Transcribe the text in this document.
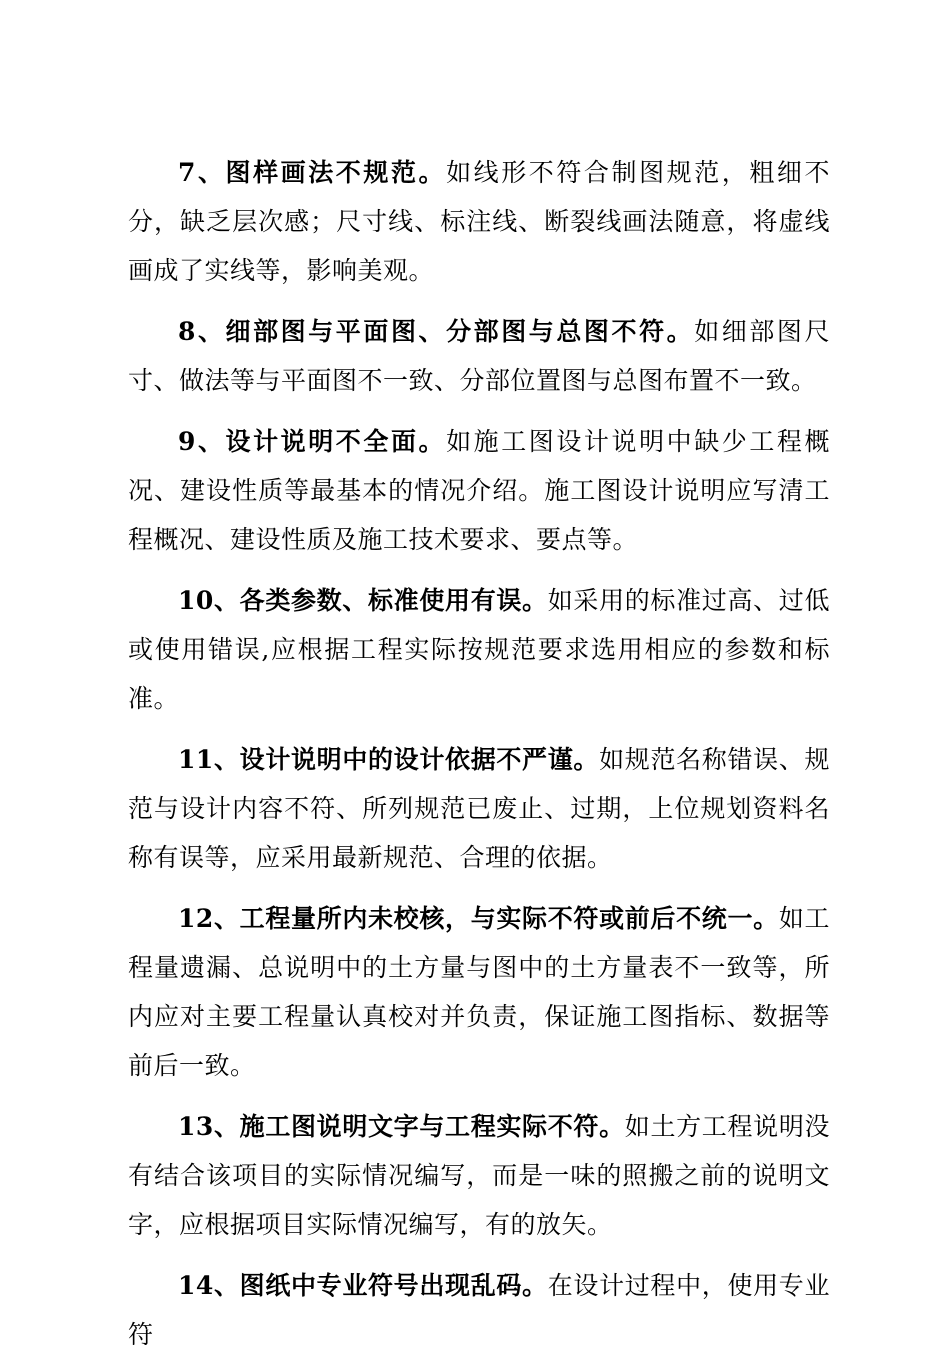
7、图样画法不规范。如线形不符合制图规范，粗细不分，缺乏层次感；尺寸线、标注线、断裂线画法随意，将虚线画成了实线等，影响美观。

8、细部图与平面图、分部图与总图不符。如细部图尺寸、做法等与平面图不一致、分部位置图与总图布置不一致。

9、设计说明不全面。如施工图设计说明中缺少工程概况、建设性质等最基本的情况介绍。施工图设计说明应写清工程概况、建设性质及施工技术要求、要点等。

10、各类参数、标准使用有误。如采用的标准过高、过低或使用错误,应根据工程实际按规范要求选用相应的参数和标准。

11、设计说明中的设计依据不严谨。如规范名称错误、规范与设计内容不符、所列规范已废止、过期，上位规划资料名称有误等，应采用最新规范、合理的依据。

12、工程量所内未校核，与实际不符或前后不统一。如工程量遗漏、总说明中的土方量与图中的土方量表不一致等，所内应对主要工程量认真校对并负责，保证施工图指标、数据等前后一致。

13、施工图说明文字与工程实际不符。如土方工程说明没有结合该项目的实际情况编写，而是一味的照搬之前的说明文字，应根据项目实际情况编写，有的放矢。

14、图纸中专业符号出现乱码。在设计过程中，使用专业符
